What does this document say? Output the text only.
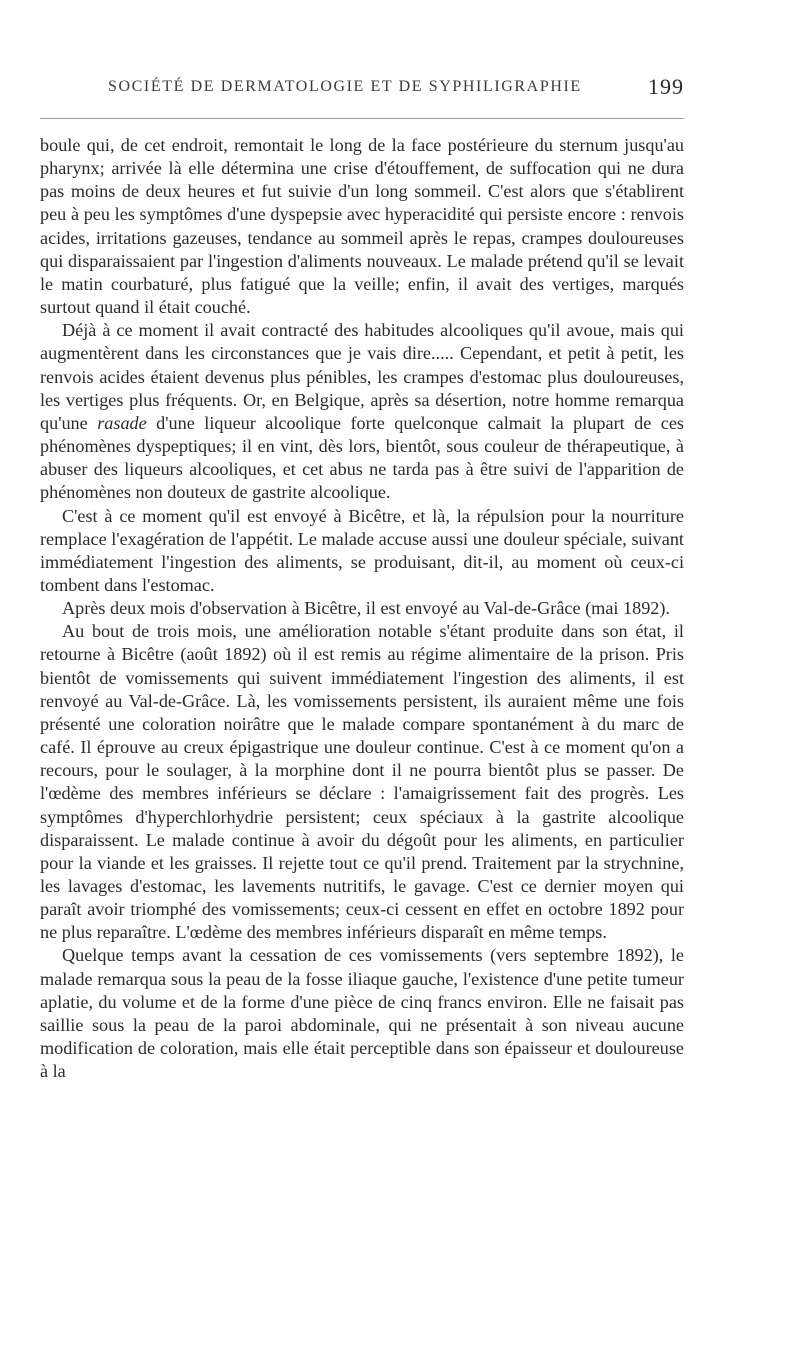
SOCIÉTÉ DE DERMATOLOGIE ET DE SYPHILIGRAPHIE	199

boule qui, de cet endroit, remontait le long de la face postérieure du sternum jusqu'au pharynx; arrivée là elle détermina une crise d'étouffement, de suffocation qui ne dura pas moins de deux heures et fut suivie d'un long sommeil. C'est alors que s'établirent peu à peu les symptômes d'une dyspepsie avec hyperacidité qui persiste encore : renvois acides, irritations gazeuses, tendance au sommeil après le repas, crampes douloureuses qui disparaissaient par l'ingestion d'aliments nouveaux. Le malade prétend qu'il se levait le matin courbaturé, plus fatigué que la veille; enfin, il avait des vertiges, marqués surtout quand il était couché.

Déjà à ce moment il avait contracté des habitudes alcooliques qu'il avoue, mais qui augmentèrent dans les circonstances que je vais dire..... Cependant, et petit à petit, les renvois acides étaient devenus plus pénibles, les crampes d'estomac plus douloureuses, les vertiges plus fréquents. Or, en Belgique, après sa désertion, notre homme remarqua qu'une rasade d'une liqueur alcoolique forte quelconque calmait la plupart de ces phénomènes dyspeptiques; il en vint, dès lors, bientôt, sous couleur de thérapeutique, à abuser des liqueurs alcooliques, et cet abus ne tarda pas à être suivi de l'apparition de phénomènes non douteux de gastrite alcoolique.

C'est à ce moment qu'il est envoyé à Bicêtre, et là, la répulsion pour la nourriture remplace l'exagération de l'appétit. Le malade accuse aussi une douleur spéciale, suivant immédiatement l'ingestion des aliments, se produisant, dit-il, au moment où ceux-ci tombent dans l'estomac.

Après deux mois d'observation à Bicêtre, il est envoyé au Val-de-Grâce (mai 1892).

Au bout de trois mois, une amélioration notable s'étant produite dans son état, il retourne à Bicêtre (août 1892) où il est remis au régime alimentaire de la prison. Pris bientôt de vomissements qui suivent immédiatement l'ingestion des aliments, il est renvoyé au Val-de-Grâce. Là, les vomissements persistent, ils auraient même une fois présenté une coloration noirâtre que le malade compare spontanément à du marc de café. Il éprouve au creux épigastrique une douleur continue. C'est à ce moment qu'on a recours, pour le soulager, à la morphine dont il ne pourra bientôt plus se passer. De l'œdème des membres inférieurs se déclare : l'amaigrissement fait des progrès. Les symptômes d'hyperchlorhydrie persistent; ceux spéciaux à la gastrite alcoolique disparaissent. Le malade continue à avoir du dégoût pour les aliments, en particulier pour la viande et les graisses. Il rejette tout ce qu'il prend. Traitement par la strychnine, les lavages d'estomac, les lavements nutritifs, le gavage. C'est ce dernier moyen qui paraît avoir triomphé des vomissements; ceux-ci cessent en effet en octobre 1892 pour ne plus reparaître. L'œdème des membres inférieurs disparaît en même temps.

Quelque temps avant la cessation de ces vomissements (vers septembre 1892), le malade remarqua sous la peau de la fosse iliaque gauche, l'existence d'une petite tumeur aplatie, du volume et de la forme d'une pièce de cinq francs environ. Elle ne faisait pas saillie sous la peau de la paroi abdominale, qui ne présentait à son niveau aucune modification de coloration, mais elle était perceptible dans son épaisseur et douloureuse à la
